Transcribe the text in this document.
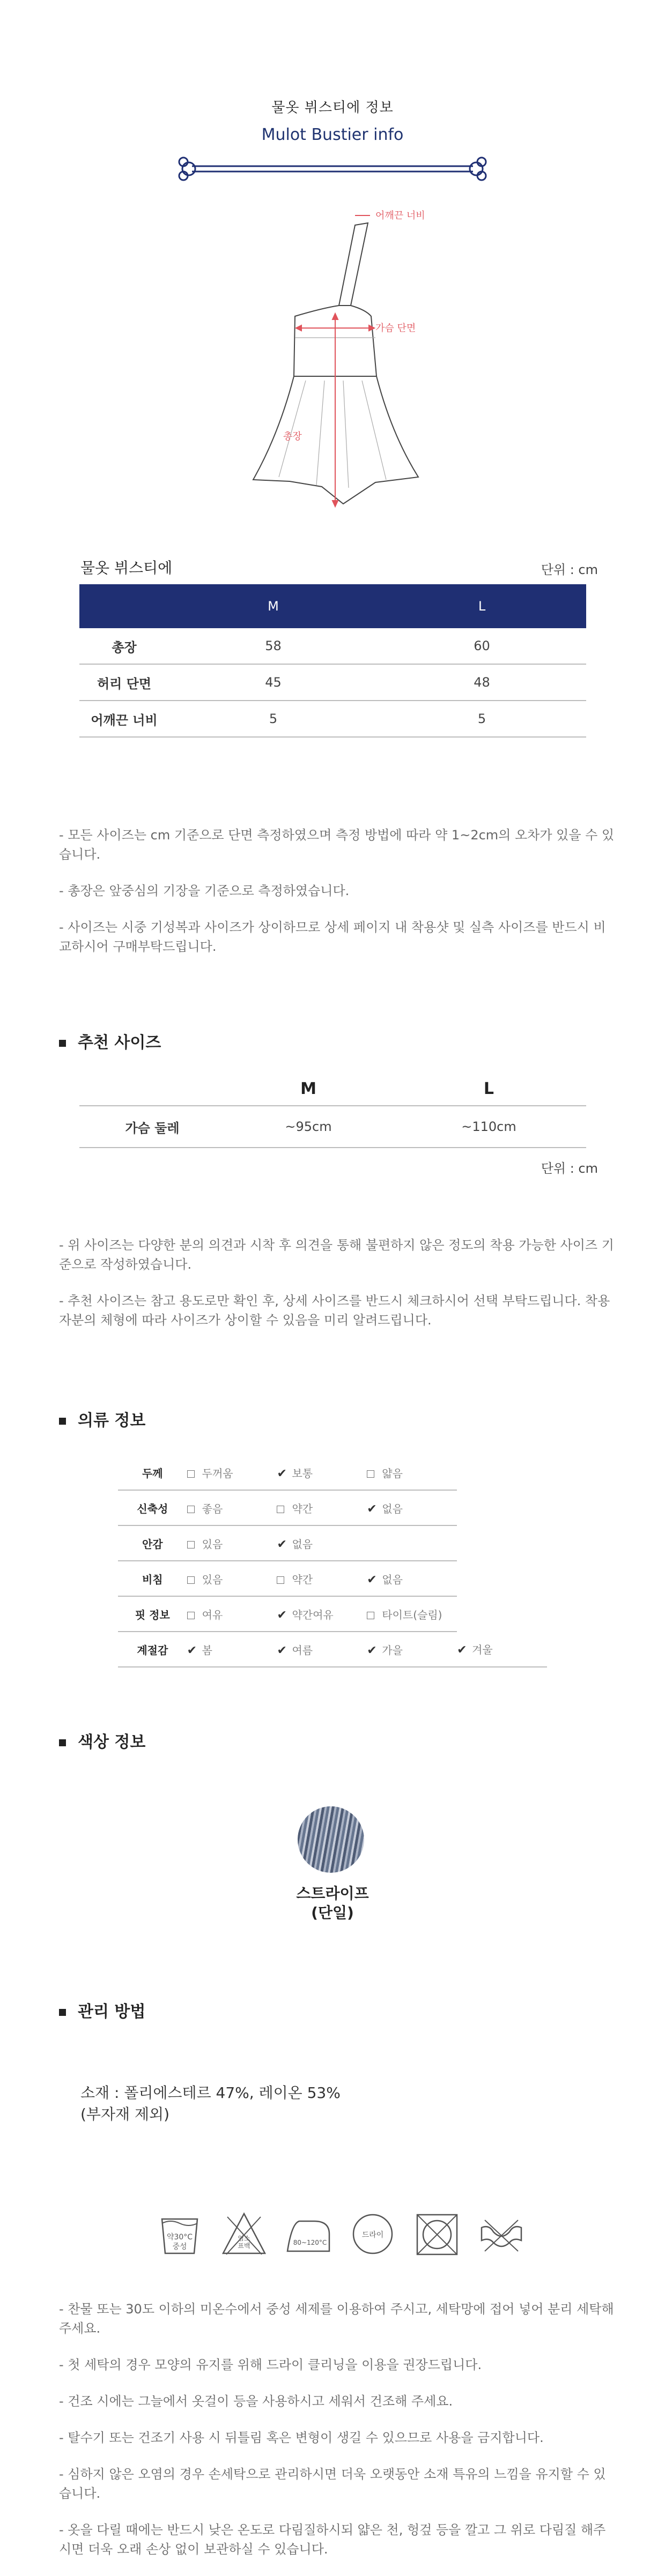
물옷 뷔스티에 정보
Mulot Bustier info
어깨끈 너비
가슴 단면
총장
물옷 뷔스티에	단위 : cm
	M	L
총장	58	60
허리 단면	45	48
어깨끈 너비	5	5

- 모든 사이즈는 cm 기준으로 단면 측정하였으며 측정 방법에 따라 약 1~2cm의 오차가 있을 수 있습니다.

- 총장은 앞중심의 기장을 기준으로 측정하였습니다.

- 사이즈는 시중 기성복과 사이즈가 상이하므로 상세 페이지 내 착용샷 및 실측 사이즈를 반드시 비교하시어 구매부탁드립니다.

추천 사이즈
	M	L
가슴 둘레	~95cm	~110cm
단위 : cm

- 위 사이즈는 다양한 분의 의견과 시착 후 의견을 통해 불편하지 않은 정도의 착용 가능한 사이즈 기준으로 작성하였습니다.

- 추천 사이즈는 참고 용도로만 확인 후, 상세 사이즈를 반드시 체크하시어 선택 부탁드립니다. 착용자분의 체형에 따라 사이즈가 상이할 수 있음을 미리 알려드립니다.

의류 정보
두께	두꺼움	✔ 보통	얇음	
신축성	좋음	약간	✔ 없음	
안감	있음	✔ 없음		
비침	있음	약간	✔ 없음	
핏 정보	여유	✔ 약간여유	타이트(슬림)	
계절감	✔ 봄	✔ 여름	✔ 가을	✔ 겨울
색상 정보
스트라이프
(단일)
관리 방법
소재 : 폴리에스테르 47%, 레이온 53%
(부자재 제외)
약30°C
중성
염소
표백	80~120°C
드라이

- 찬물 또는 30도 이하의 미온수에서 중성 세제를 이용하여 주시고, 세탁망에 접어 넣어 분리 세탁해 주세요.

- 첫 세탁의 경우 모양의 유지를 위해 드라이 클리닝을 이용을 권장드립니다.

- 건조 시에는 그늘에서 옷걸이 등을 사용하시고 세워서 건조해 주세요.

- 탈수기 또는 건조기 사용 시 뒤틀림 혹은 변형이 생길 수 있으므로 사용을 금지합니다.

- 심하지 않은 오염의 경우 손세탁으로 관리하시면 더욱 오랫동안 소재 특유의 느낌을 유지할 수 있습니다.

- 옷을 다릴 때에는 반드시 낮은 온도로 다림질하시되 얇은 천, 헝겊 등을 깔고 그 위로 다림질 해주시면 더욱 오래 손상 없이 보관하실 수 있습니다.
